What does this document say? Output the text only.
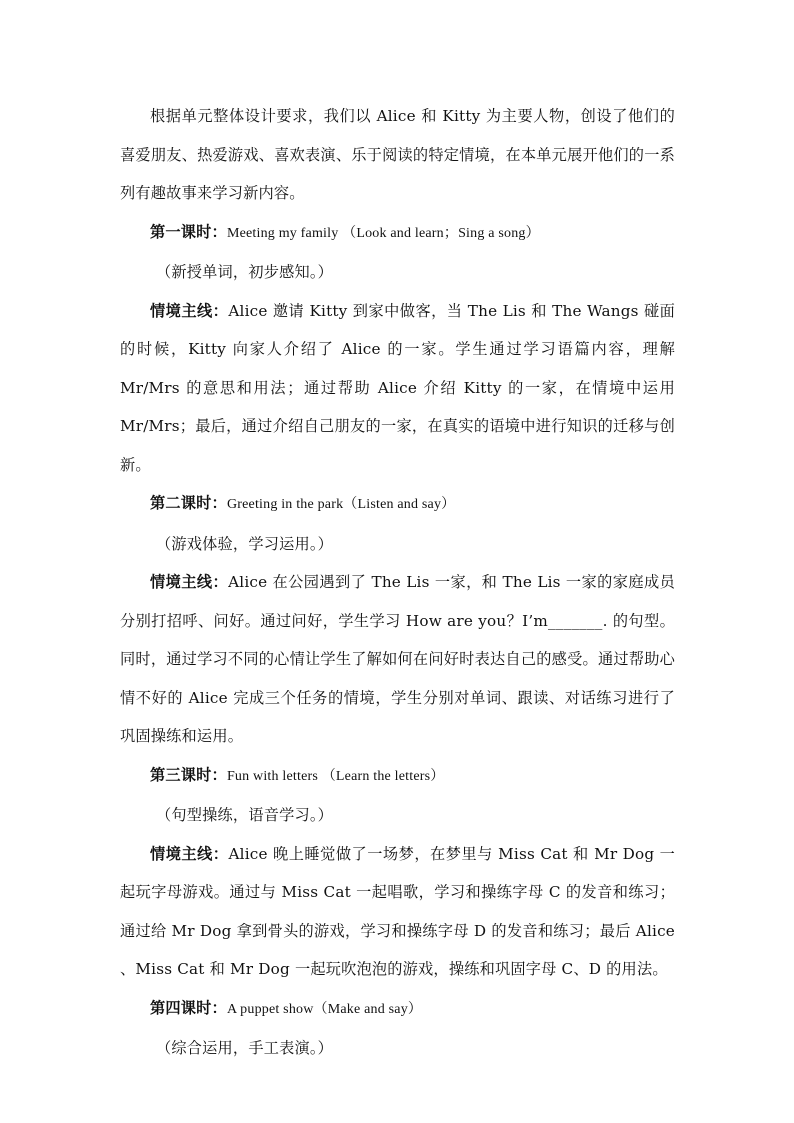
根据单元整体设计要求，我们以 Alice 和 Kitty 为主要人物，创设了他们的喜爱朋友、热爱游戏、喜欢表演、乐于阅读的特定情境，在本单元展开他们的一系列有趣故事来学习新内容。

第一课时：Meeting my family （Look and learn；Sing a song）

（新授单词，初步感知。）

情境主线：Alice 邀请 Kitty 到家中做客，当 The Lis 和 The Wangs 碰面的时候，Kitty 向家人介绍了 Alice 的一家。学生通过学习语篇内容，理解 Mr/Mrs 的意思和用法；通过帮助 Alice 介绍 Kitty 的一家，在情境中运用 Mr/Mrs；最后，通过介绍自己朋友的一家，在真实的语境中进行知识的迁移与创新。

第二课时：Greeting in the park（Listen and say）

（游戏体验，学习运用。）

情境主线：Alice 在公园遇到了 The Lis 一家，和 The Lis 一家的家庭成员分别打招呼、问好。通过问好，学生学习 How are you？I’m_______. 的句型。同时，通过学习不同的心情让学生了解如何在问好时表达自己的感受。通过帮助心情不好的 Alice 完成三个任务的情境，学生分别对单词、跟读、对话练习进行了巩固操练和运用。

第三课时：Fun with letters （Learn the letters）

（句型操练，语音学习。）

情境主线：Alice 晚上睡觉做了一场梦，在梦里与 Miss Cat 和 Mr Dog 一起玩字母游戏。通过与 Miss Cat 一起唱歌，学习和操练字母 C 的发音和练习；通过给 Mr Dog 拿到骨头的游戏，学习和操练字母 D 的发音和练习；最后 Alice 、Miss Cat 和 Mr Dog 一起玩吹泡泡的游戏，操练和巩固字母 C、D 的用法。

第四课时：A puppet show（Make and say）

（综合运用，手工表演。）
